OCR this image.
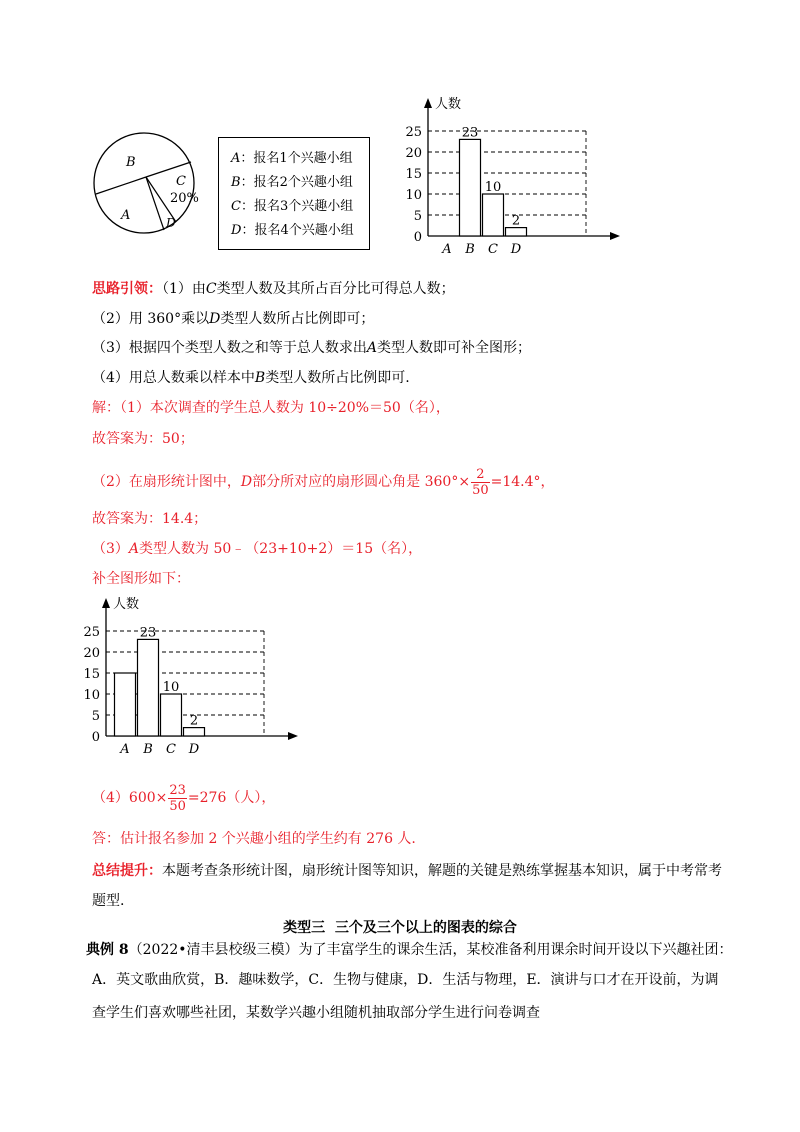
B
C
20%
A	D
A：报名1个兴趣小组
B：报名2个兴趣小组
C：报名3个兴趣小组
D：报名4个兴趣小组
人数
0
5
10
15
20
25
A
23
B
10
C
2
D
思路引领：（1）由C类型人数及其所占百分比可得总人数；
（2）用 360°乘以D类型人数所占比例即可；
（3）根据四个类型人数之和等于总人数求出A类型人数即可补全图形；
（4）用总人数乘以样本中B类型人数所占比例即可.
解：（1）本次调查的学生总人数为 10÷20%＝50（名），
故答案为：50；
（2）在扇形统计图中，D部分所对应的扇形圆心角是 $360^\circ\times \frac{2}{50} =14.4^\circ$，
故答案为：14.4；
（3）A类型人数为 50﹣（23+10+2）＝15（名），
补全图形如下：
人数
0
5
10
15
20
25
A
23
B
10
C
2
D
$(4)600\times \frac{23}{50} =276$（人），
答：估计报名参加 2 个兴趣小组的学生约有 276 人.
总结提升：本题考查条形统计图，扇形统计图等知识，解题的关键是熟练掌握基本知识，属于中考常考
题型.
类型三  三个及三个以上的图表的综合
典例 8（2022•清丰县校级三模）为了丰富学生的课余生活，某校准备利用课余时间开设以下兴趣社团：
A．英文歌曲欣赏，B．趣味数学，C．生物与健康，D．生活与物理，E．演讲与口才在开设前，为调
查学生们喜欢哪些社团，某数学兴趣小组随机抽取部分学生进行问卷调查
